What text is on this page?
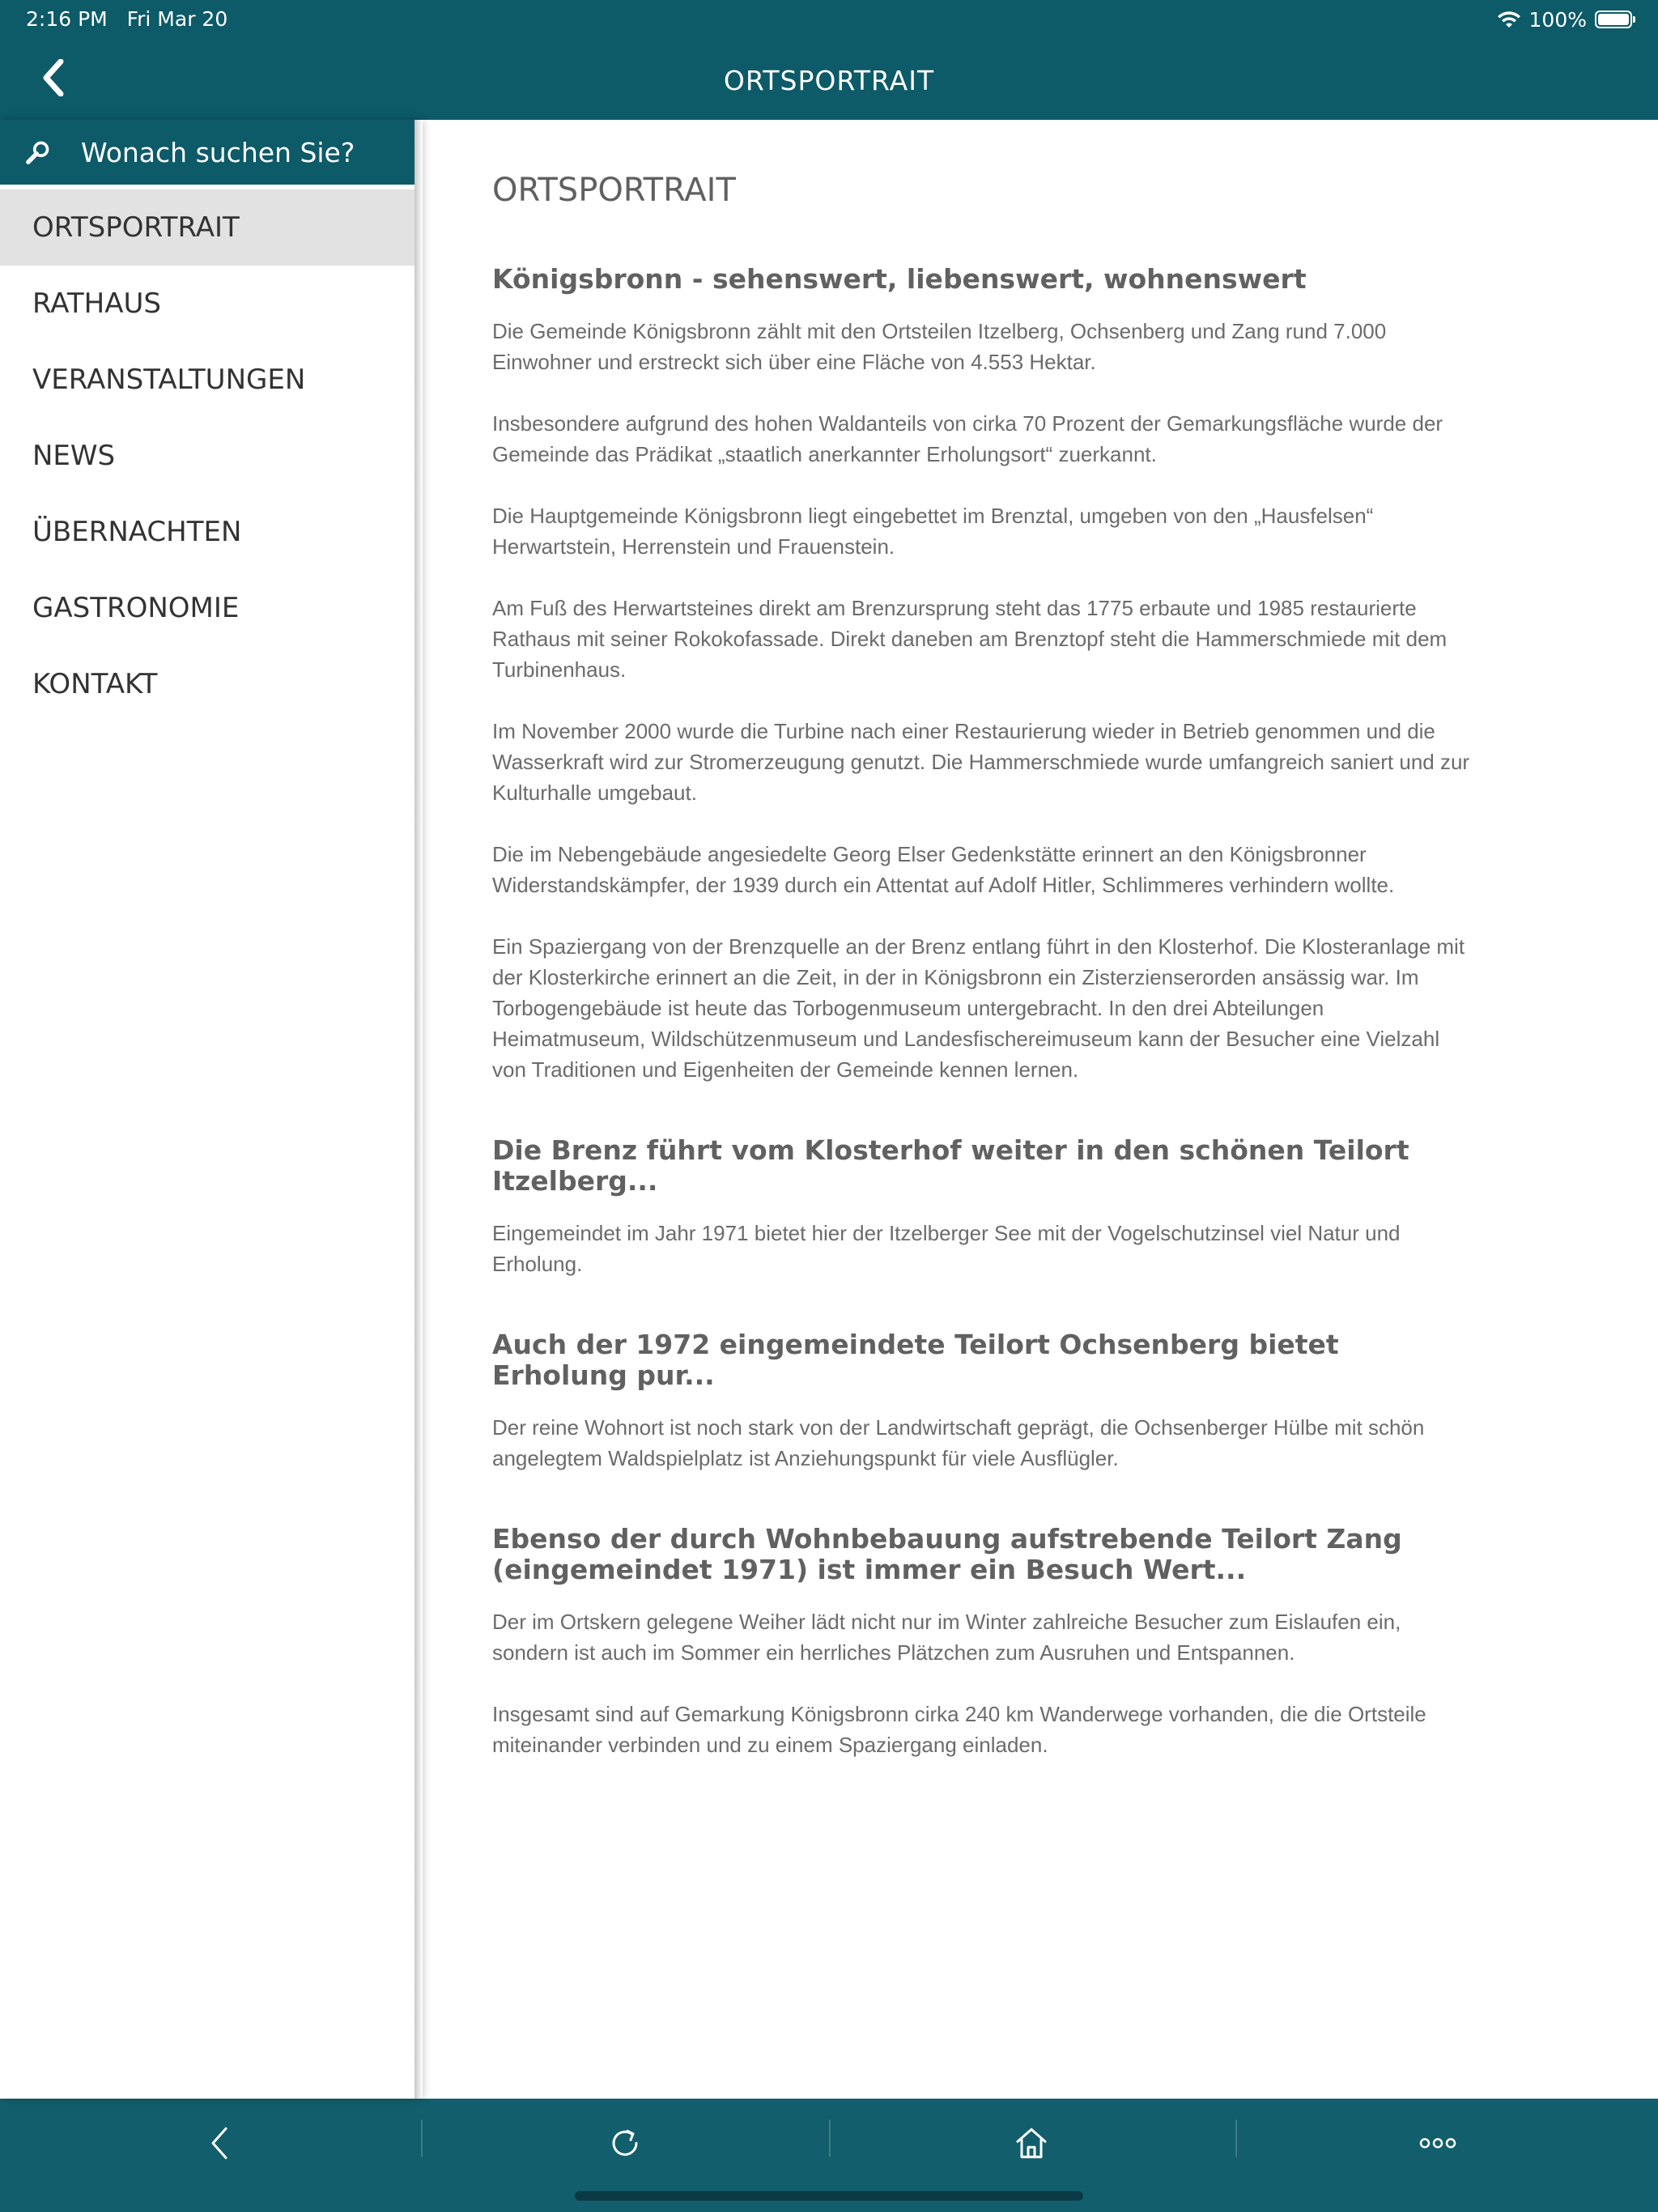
2:16 PM Fri Mar 20	100%
ORTSPORTRAIT
Wonach suchen Sie?
ORTSPORTRAIT
RATHAUS
VERANSTALTUNGEN
NEWS
ÜBERNACHTEN
GASTRONOMIE
KONTAKT
ORTSPORTRAIT
Königsbronn - sehenswert, liebenswert, wohnenswert

Die Gemeinde Königsbronn zählt mit den Ortsteilen Itzelberg, Ochsenberg und Zang rund 7.000 Einwohner und erstreckt sich über eine Fläche von 4.553 Hektar.

Insbesondere aufgrund des hohen Waldanteils von cirka 70 Prozent der Gemarkungsfläche wurde der Gemeinde das Prädikat „staatlich anerkannter Erholungsort“ zuerkannt.

Die Hauptgemeinde Königsbronn liegt eingebettet im Brenztal, umgeben von den „Hausfelsen“ Herwartstein, Herrenstein und Frauenstein.

Am Fuß des Herwartsteines direkt am Brenzursprung steht das 1775 erbaute und 1985 restaurierte Rathaus mit seiner Rokokofassade. Direkt daneben am Brenztopf steht die Hammerschmiede mit dem Turbinenhaus.

Im November 2000 wurde die Turbine nach einer Restaurierung wieder in Betrieb genommen und die Wasserkraft wird zur Stromerzeugung genutzt. Die Hammerschmiede wurde umfangreich saniert und zur Kulturhalle umgebaut.

Die im Nebengebäude angesiedelte Georg Elser Gedenkstätte erinnert an den Königsbronner Widerstandskämpfer, der 1939 durch ein Attentat auf Adolf Hitler, Schlimmeres verhindern wollte.

Ein Spaziergang von der Brenzquelle an der Brenz entlang führt in den Klosterhof. Die Klosteranlage mit der Klosterkirche erinnert an die Zeit, in der in Königsbronn ein Zisterzienserorden ansässig war. Im Torbogengebäude ist heute das Torbogenmuseum untergebracht. In den drei Abteilungen Heimatmuseum, Wildschützenmuseum und Landesfischereimuseum kann der Besucher eine Vielzahl von Traditionen und Eigenheiten der Gemeinde kennen lernen.

Die Brenz führt vom Klosterhof weiter in den schönen Teilort Itzelberg...

Eingemeindet im Jahr 1971 bietet hier der Itzelberger See mit der Vogelschutzinsel viel Natur und Erholung.

Auch der 1972 eingemeindete Teilort Ochsenberg bietet Erholung pur...

Der reine Wohnort ist noch stark von der Landwirtschaft geprägt, die Ochsenberger Hülbe mit schön angelegtem Waldspielplatz ist Anziehungspunkt für viele Ausflügler.

Ebenso der durch Wohnbebauung aufstrebende Teilort Zang (eingemeindet 1971) ist immer ein Besuch Wert...

Der im Ortskern gelegene Weiher lädt nicht nur im Winter zahlreiche Besucher zum Eislaufen ein, sondern ist auch im Sommer ein herrliches Plätzchen zum Ausruhen und Entspannen.

Insgesamt sind auf Gemarkung Königsbronn cirka 240 km Wanderwege vorhanden, die die Ortsteile miteinander verbinden und zu einem Spaziergang einladen.
